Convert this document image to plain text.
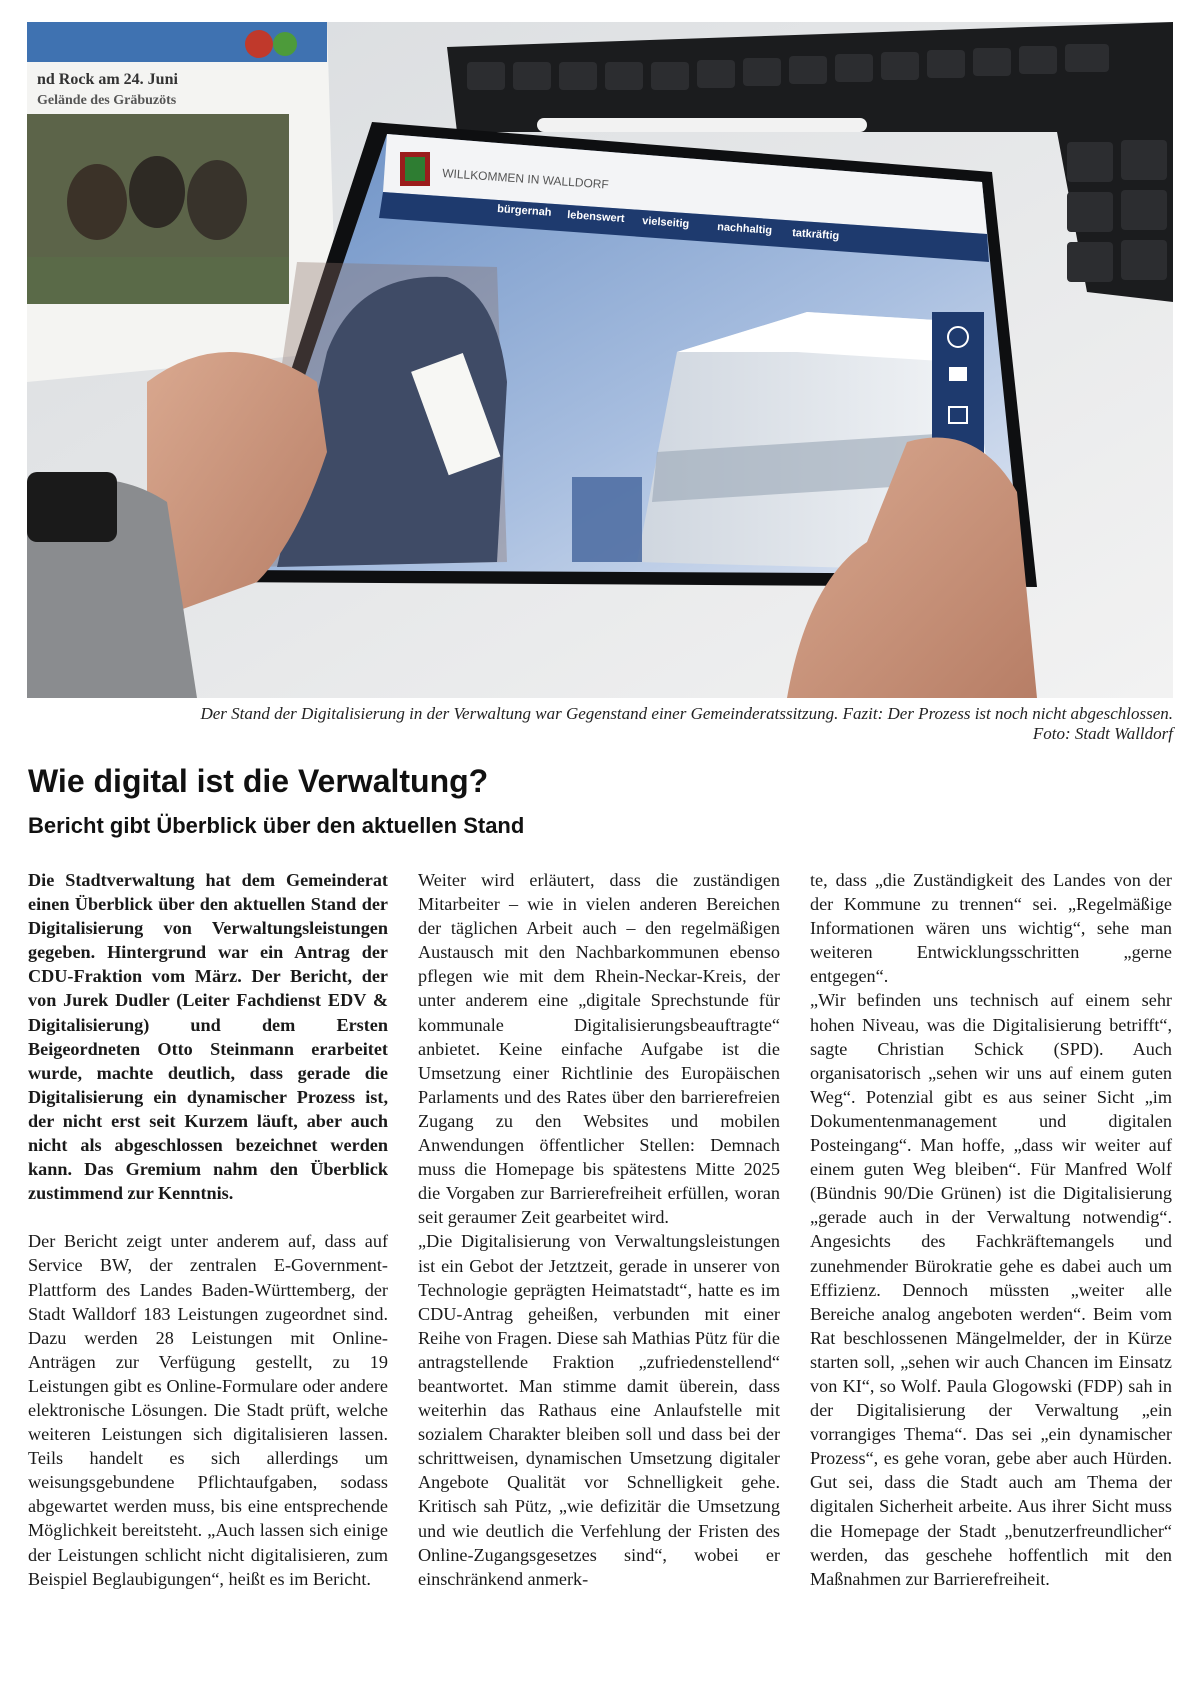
nd Rock am 24. Juni
Gelände des Gräbuzöts
WILLKOMMEN IN WALLDORF
bürgernah lebenswert vielseitig nachhaltig tatkräftig
Der Stand der Digitalisierung in der Verwaltung war Gegenstand einer Gemeinderatssitzung. Fazit: Der Prozess ist noch nicht abgeschlossen.
Foto: Stadt Walldorf
Wie digital ist die Verwaltung?
Bericht gibt Überblick über den aktuellen Stand

Die Stadtverwaltung hat dem Gemeinderat einen Überblick über den aktuellen Stand der Digitalisierung von Verwaltungsleistungen gegeben. Hintergrund war ein Antrag der CDU-Fraktion vom März. Der Bericht, der von Jurek Dudler (Leiter Fachdienst EDV & Digitalisierung) und dem Ersten Beigeordneten Otto Steinmann erarbeitet wurde, machte deutlich, dass gerade die Digitalisierung ein dynamischer Prozess ist, der nicht erst seit Kurzem läuft, aber auch nicht als abgeschlossen bezeichnet werden kann. Das Gremium nahm den Überblick zustimmend zur Kenntnis.

Der Bericht zeigt unter anderem auf, dass auf Service BW, der zentralen E-Government-Plattform des Landes Baden-Württemberg, der Stadt Walldorf 183 Leistungen zugeordnet sind. Dazu werden 28 Leistungen mit Online-Anträgen zur Verfügung gestellt, zu 19 Leistungen gibt es Online-Formulare oder andere elektronische Lösungen. Die Stadt prüft, welche weiteren Leistungen sich digitalisieren lassen. Teils handelt es sich allerdings um weisungsgebundene Pflichtaufgaben, sodass abgewartet werden muss, bis eine entsprechende Möglichkeit bereitsteht. „Auch lassen sich einige der Leistungen schlicht nicht digitalisieren, zum Beispiel Beglaubigungen“, heißt es im Bericht.

Weiter wird erläutert, dass die zuständigen Mitarbeiter – wie in vielen anderen Bereichen der täglichen Arbeit auch – den regelmäßigen Austausch mit den Nachbarkommunen ebenso pflegen wie mit dem Rhein-Neckar-Kreis, der unter anderem eine „digitale Sprechstunde für kommunale Digitalisierungsbeauftragte“ anbietet. Keine einfache Aufgabe ist die Umsetzung einer Richtlinie des Europäischen Parlaments und des Rates über den barrierefreien Zugang zu den Websites und mobilen Anwendungen öffentlicher Stellen: Demnach muss die Homepage bis spätestens Mitte 2025 die Vorgaben zur Barrierefreiheit erfüllen, woran seit geraumer Zeit gearbeitet wird.

„Die Digitalisierung von Verwaltungsleistungen ist ein Gebot der Jetztzeit, gerade in unserer von Technologie geprägten Heimatstadt“, hatte es im CDU-Antrag geheißen, verbunden mit einer Reihe von Fragen. Diese sah Mathias Pütz für die antragstellende Fraktion „zufriedenstellend“ beantwortet. Man stimme damit überein, dass weiterhin das Rathaus eine Anlaufstelle mit sozialem Charakter bleiben soll und dass bei der schrittweisen, dynamischen Umsetzung digitaler Angebote Qualität vor Schnelligkeit gehe. Kritisch sah Pütz, „wie defizitär die Umsetzung und wie deutlich die Verfehlung der Fristen des Online-Zugangsgesetzes sind“, wobei er einschränkend anmerk-

te, dass „die Zuständigkeit des Landes von der der Kommune zu trennen“ sei. „Regelmäßige Informationen wären uns wichtig“, sehe man weiteren Entwicklungsschritten „gerne entgegen“.

„Wir befinden uns technisch auf einem sehr hohen Niveau, was die Digitalisierung betrifft“, sagte Christian Schick (SPD). Auch organisatorisch „sehen wir uns auf einem guten Weg“. Potenzial gibt es aus seiner Sicht „im Dokumentenmanagement und digitalen Posteingang“. Man hoffe, „dass wir weiter auf einem guten Weg bleiben“. Für Manfred Wolf (Bündnis 90/Die Grünen) ist die Digitalisierung „gerade auch in der Verwaltung notwendig“. Angesichts des Fachkräftemangels und zunehmender Bürokratie gehe es dabei auch um Effizienz. Dennoch müssten „weiter alle Bereiche analog angeboten werden“. Beim vom Rat beschlossenen Mängelmelder, der in Kürze starten soll, „sehen wir auch Chancen im Einsatz von KI“, so Wolf. Paula Glogowski (FDP) sah in der Digitalisierung der Verwaltung „ein vorrangiges Thema“. Das sei „ein dynamischer Prozess“, es gehe voran, gebe aber auch Hürden. Gut sei, dass die Stadt auch am Thema der digitalen Sicherheit arbeite. Aus ihrer Sicht muss die Homepage der Stadt „benutzerfreundlicher“ werden, das geschehe hoffentlich mit den Maßnahmen zur Barrierefreiheit.
